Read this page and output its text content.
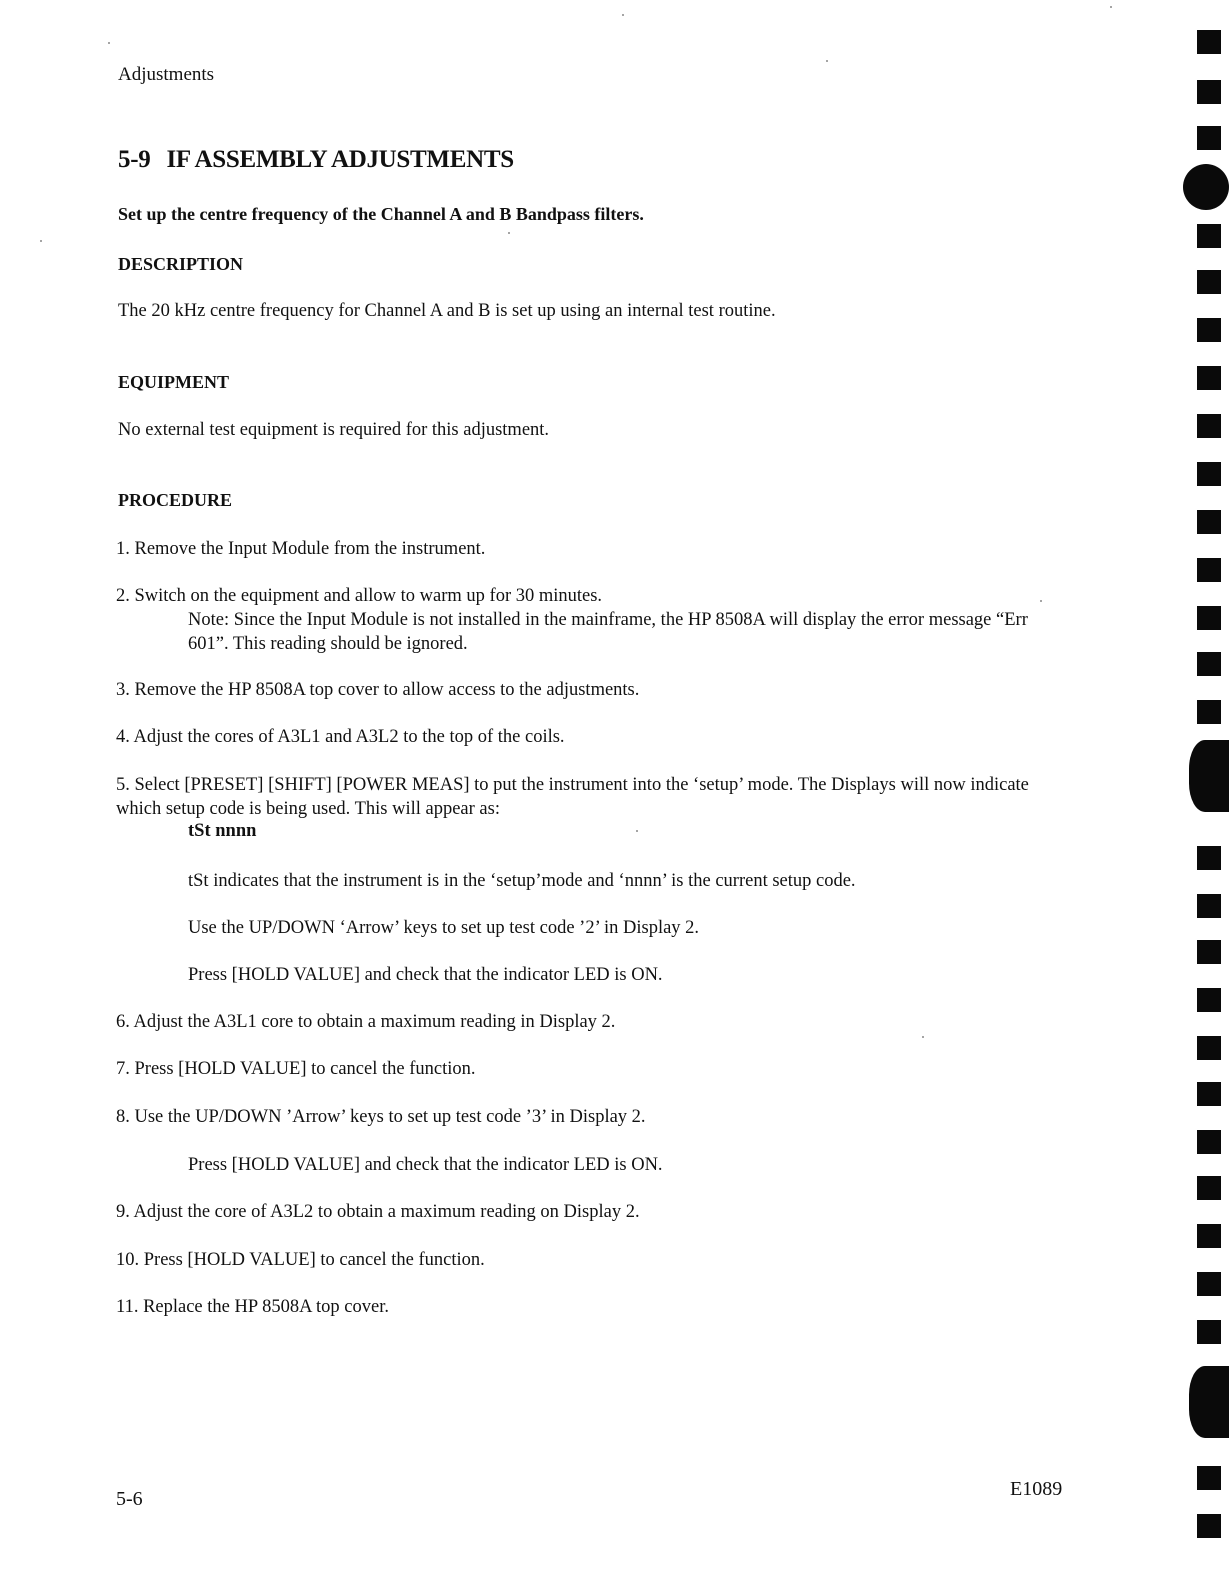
Adjustments
5-9 IF ASSEMBLY ADJUSTMENTS
Set up the centre frequency of the Channel A and B Bandpass filters.
DESCRIPTION
The 20 kHz centre frequency for Channel A and B is set up using an internal test routine.
EQUIPMENT
No external test equipment is required for this adjustment.
PROCEDURE
1. Remove the Input Module from the instrument.
2. Switch on the equipment and allow to warm up for 30 minutes.
Note: Since the Input Module is not installed in the mainframe, the HP 8508A will display the error message “Err 601”. This reading should be ignored.
3. Remove the HP 8508A top cover to allow access to the adjustments.
4. Adjust the cores of A3L1 and A3L2 to the top of the coils.
5. Select [PRESET] [SHIFT] [POWER MEAS] to put the instrument into the ‘setup’ mode. The Displays will now indicate which setup code is being used. This will appear as:
tSt nnnn
tSt indicates that the instrument is in the ‘setup’mode and ‘nnnn’ is the current setup code.
Use the UP/DOWN ‘Arrow’ keys to set up test code ’2’ in Display 2.
Press [HOLD VALUE] and check that the indicator LED is ON.
6. Adjust the A3L1 core to obtain a maximum reading in Display 2.
7. Press [HOLD VALUE] to cancel the function.
8. Use the UP/DOWN ’Arrow’ keys to set up test code ’3’ in Display 2.
Press [HOLD VALUE] and check that the indicator LED is ON.
9. Adjust the core of A3L2 to obtain a maximum reading on Display 2.
10. Press [HOLD VALUE] to cancel the function.
11. Replace the HP 8508A top cover.
5-6	E1089
